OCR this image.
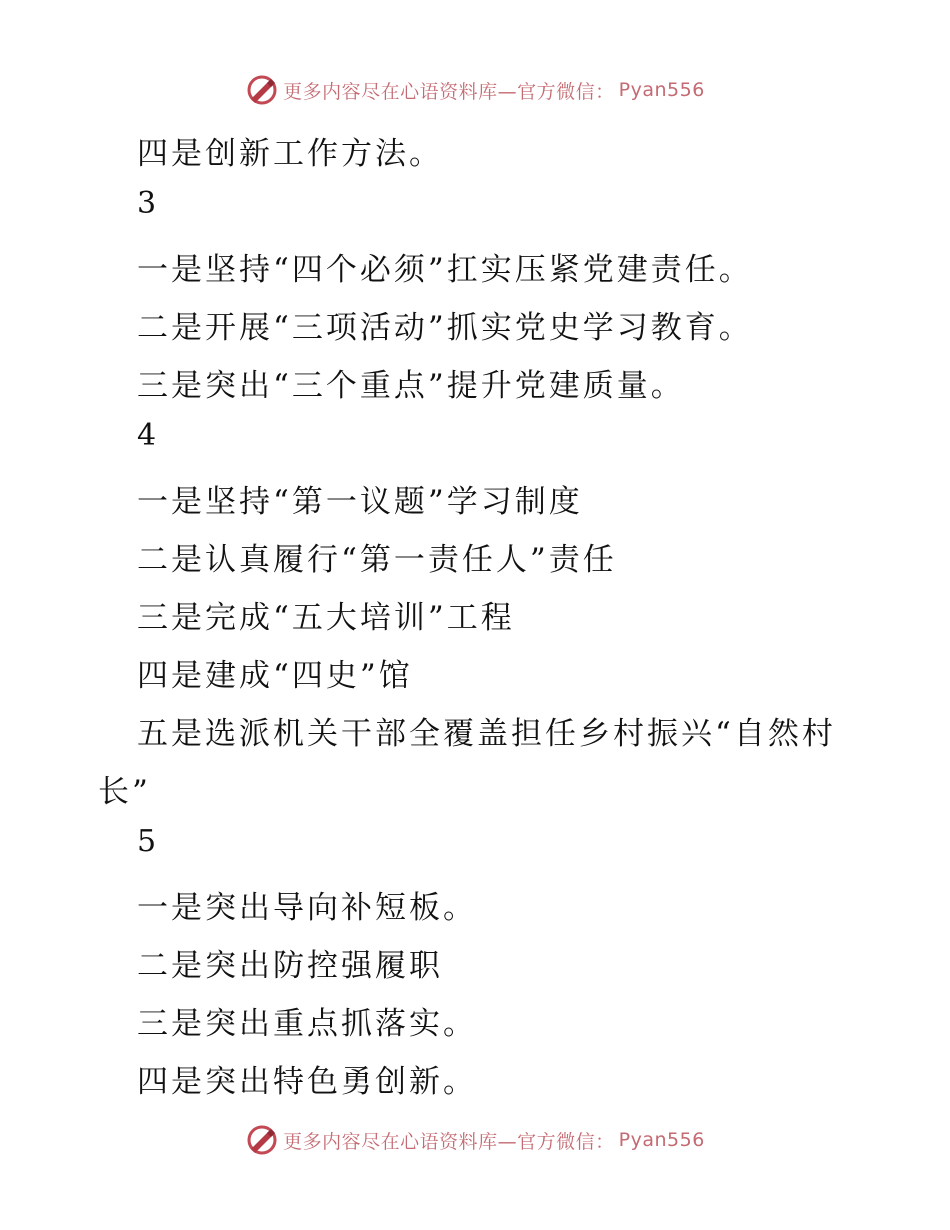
更多内容尽在心语资料库—官方微信： Pyan556
四是创新工作方法。
3
一是坚持“四个必须”扛实压紧党建责任。
二是开展“三项活动”抓实党史学习教育。
三是突出“三个重点”提升党建质量。
4
一是坚持“第一议题”学习制度
二是认真履行“第一责任人”责任
三是完成“五大培训”工程
四是建成“四史”馆
五是选派机关干部全覆盖担任乡村振兴“自然村
长”
5
一是突出导向补短板。
二是突出防控强履职
三是突出重点抓落实。
四是突出特色勇创新。
更多内容尽在心语资料库—官方微信： Pyan556
